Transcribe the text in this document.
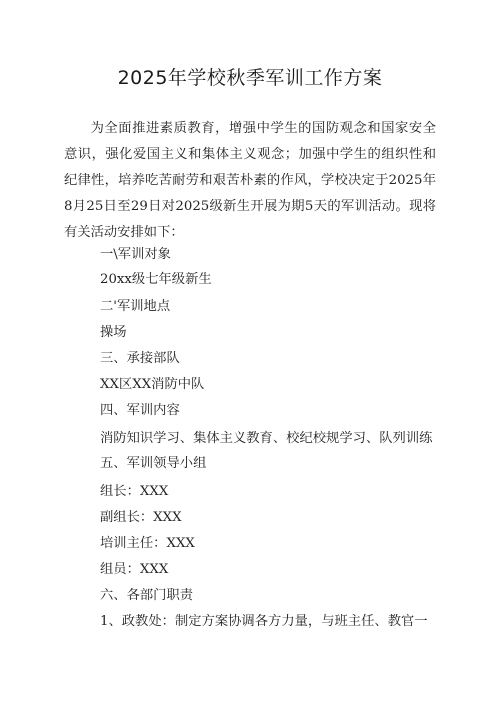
2025年学校秋季军训工作方案

为全面推进素质教育，增强中学生的国防观念和国家安全意识，强化爱国主义和集体主义观念；加强中学生的组织性和纪律性，培养吃苦耐劳和艰苦朴素的作风，学校决定于2025年8月25日至29日对2025级新生开展为期5天的军训活动。现将有关活动安排如下：

一\军训对象
20xx级七年级新生
二'军训地点
操场
三、承接部队
XX区XX消防中队
四、军训内容
消防知识学习、集体主义教育、校纪校规学习、队列训练
五、军训领导小组
组长：XXX
副组长：XXX
培训主任：XXX
组员：XXX
六、各部门职责
1、政教处：制定方案协调各方力量，与班主任、教官一
